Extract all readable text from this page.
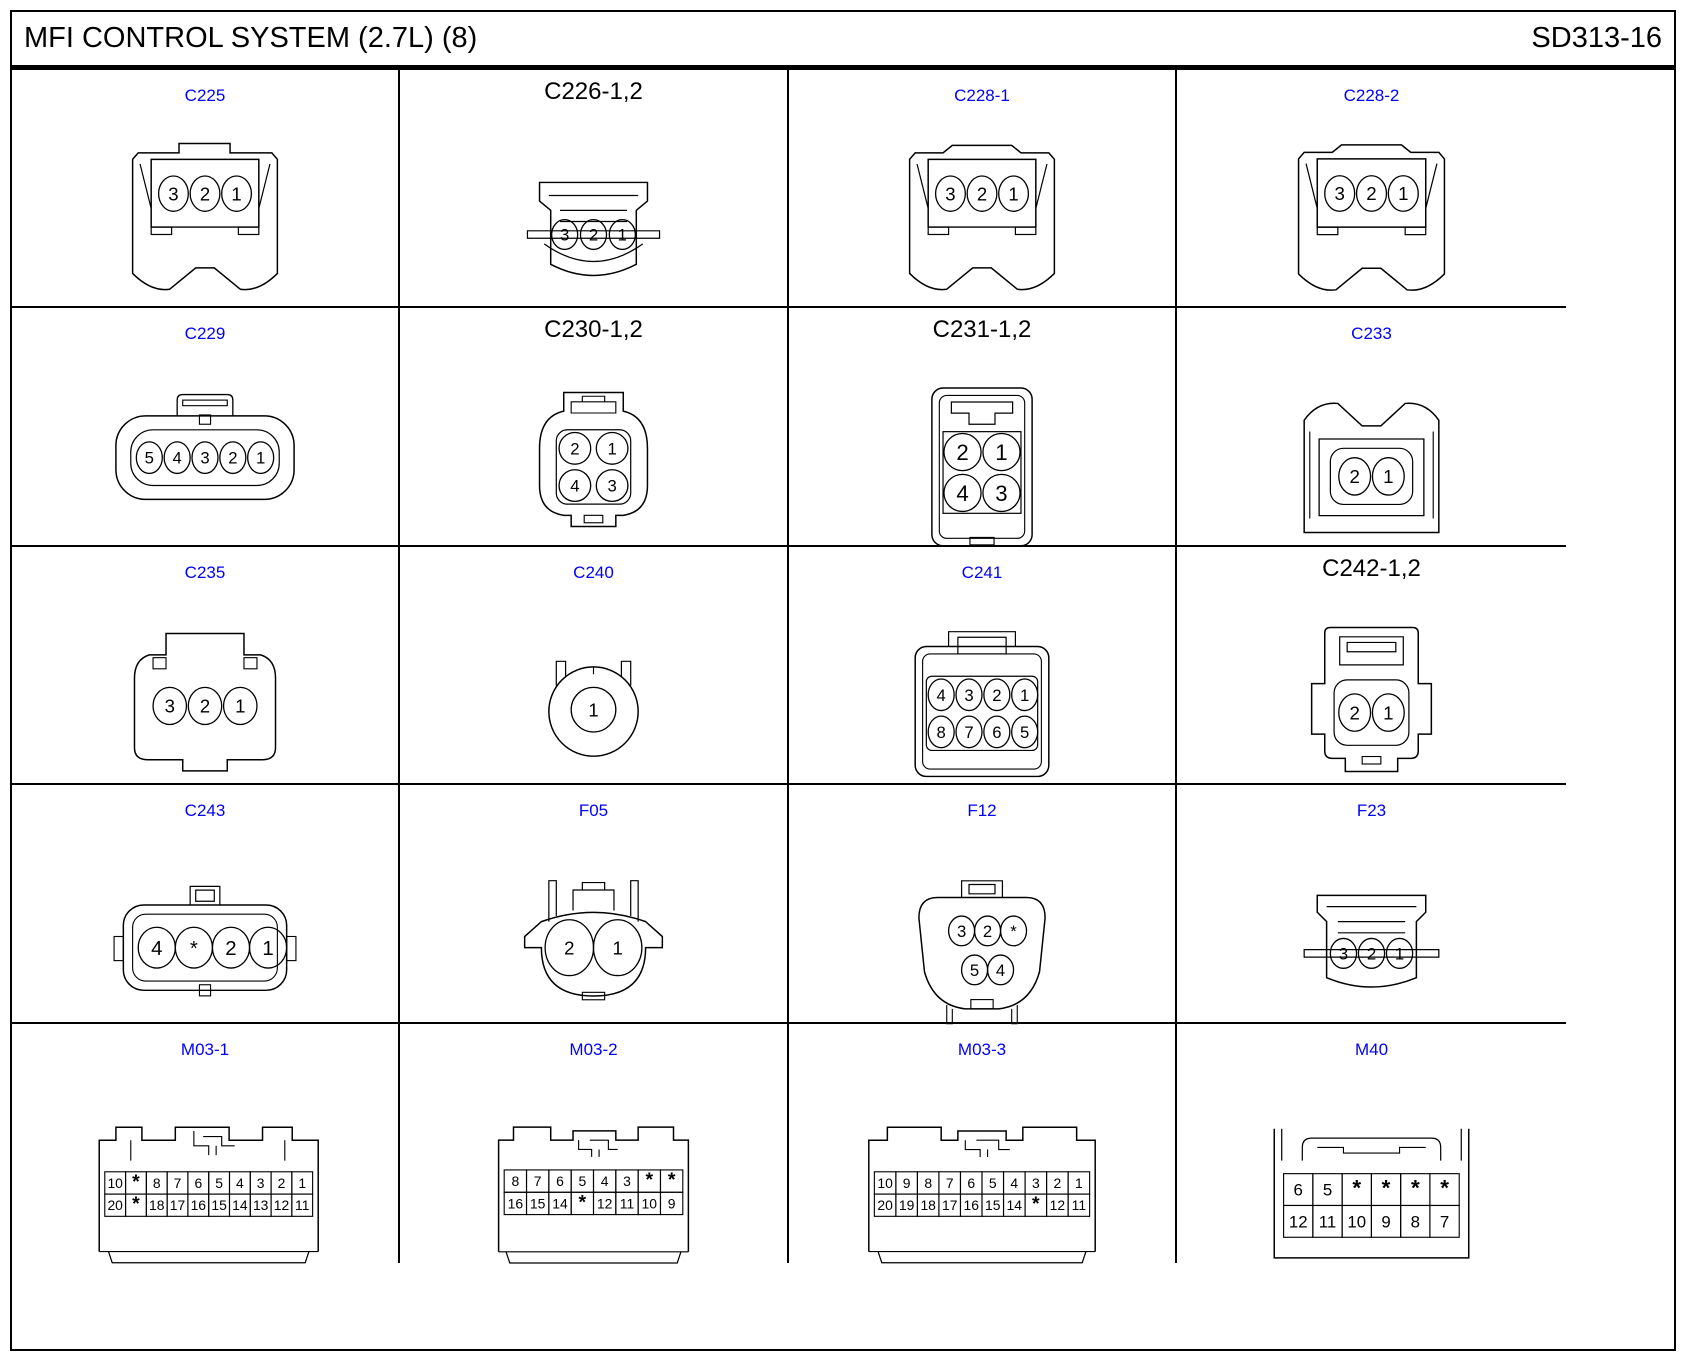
MFI CONTROL SYSTEM (2.7L) (8)	SD313-16
C225
3 2 1
C226-1,2
3 2 1
C228-1
3 2 1
C228-2
3 2 1
C229
5 4 3 2 1
C230-1,2
2 1
4 3
C231-1,2
2 1
4 3
C233
2 1
C235
3 2 1
C240
1
C241
4 3 2 1
8 7 6 5
C242-1,2
2 1
C243
4 * 2 1
F05
2 1
F12
3 2 *
5 4
F23
3 2 1
M03-1
10 * 8 7 6 5 4 3 2 1
20 * 18 17 16 15 14 13 12 11
M03-2
8 7 6 5 4 3 * *
16 15 14 * 12 11 10 9
M03-3
10 9 8 7 6 5 4 3 2 1
20 19 18 17 16 15 14 * 12 11
M40
6 5 * * * *
12 11 10 9 8 7
